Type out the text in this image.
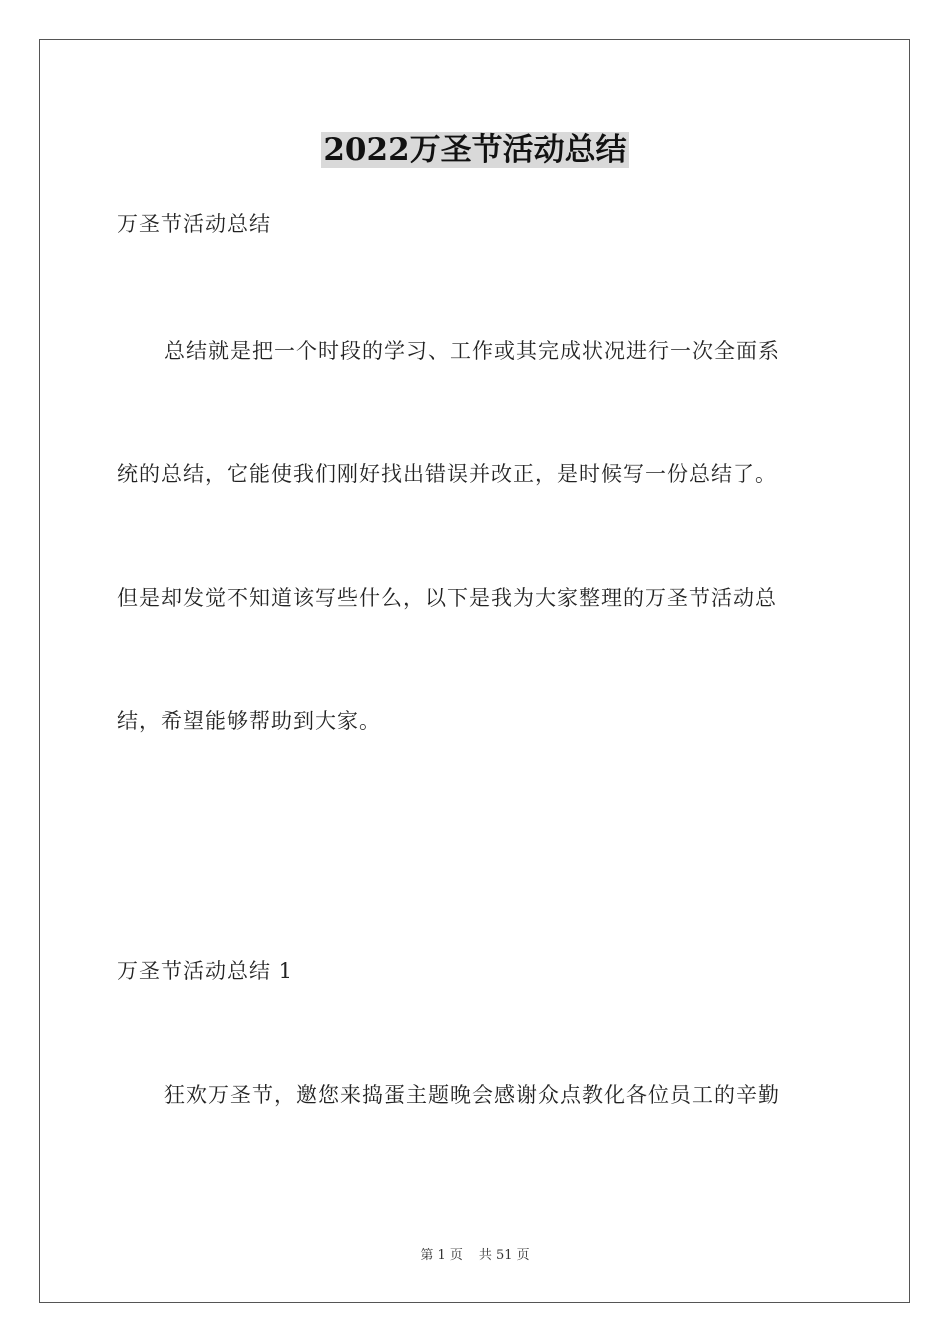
2022万圣节活动总结
万圣节活动总结
总结就是把一个时段的学习、工作或其完成状况进行一次全面系
统的总结，它能使我们刚好找出错误并改正，是时候写一份总结了。
但是却发觉不知道该写些什么，以下是我为大家整理的万圣节活动总
结，希望能够帮助到大家。
万圣节活动总结 1
狂欢万圣节，邀您来捣蛋主题晚会感谢众点教化各位员工的辛勤
第 1 页 共 51 页
